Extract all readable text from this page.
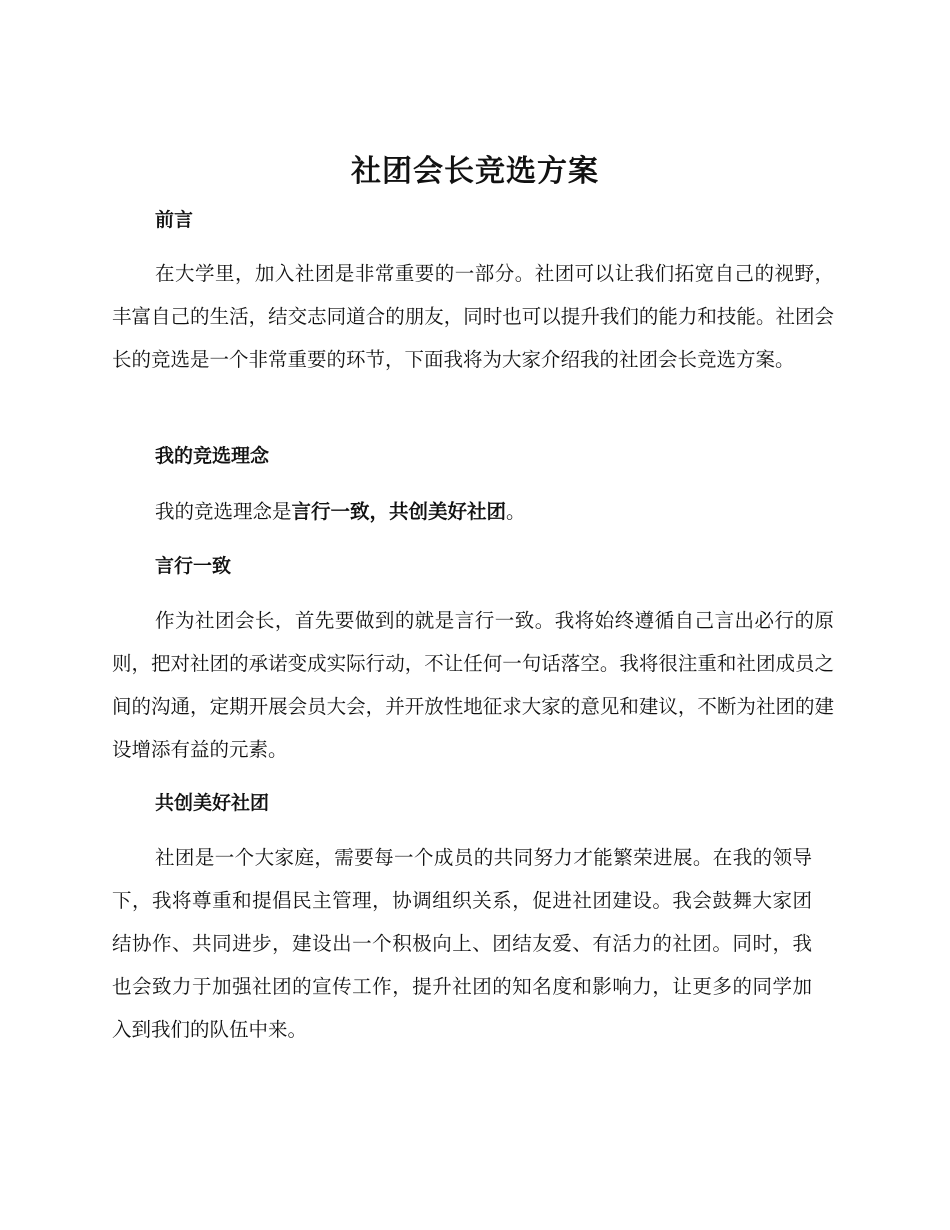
社团会长竞选方案
前言
在大学里，加入社团是非常重要的一部分。社团可以让我们拓宽自己的视野，丰富自己的生活，结交志同道合的朋友，同时也可以提升我们的能力和技能。社团会长的竞选是一个非常重要的环节，下面我将为大家介绍我的社团会长竞选方案。
我的竞选理念
我的竞选理念是言行一致，共创美好社团。
言行一致
作为社团会长，首先要做到的就是言行一致。我将始终遵循自己言出必行的原则，把对社团的承诺变成实际行动，不让任何一句话落空。我将很注重和社团成员之间的沟通，定期开展会员大会，并开放性地征求大家的意见和建议，不断为社团的建设增添有益的元素。
共创美好社团
社团是一个大家庭，需要每一个成员的共同努力才能繁荣进展。在我的领导下，我将尊重和提倡民主管理，协调组织关系，促进社团建设。我会鼓舞大家团结协作、共同进步，建设出一个积极向上、团结友爱、有活力的社团。同时，我也会致力于加强社团的宣传工作，提升社团的知名度和影响力，让更多的同学加入到我们的队伍中来。
